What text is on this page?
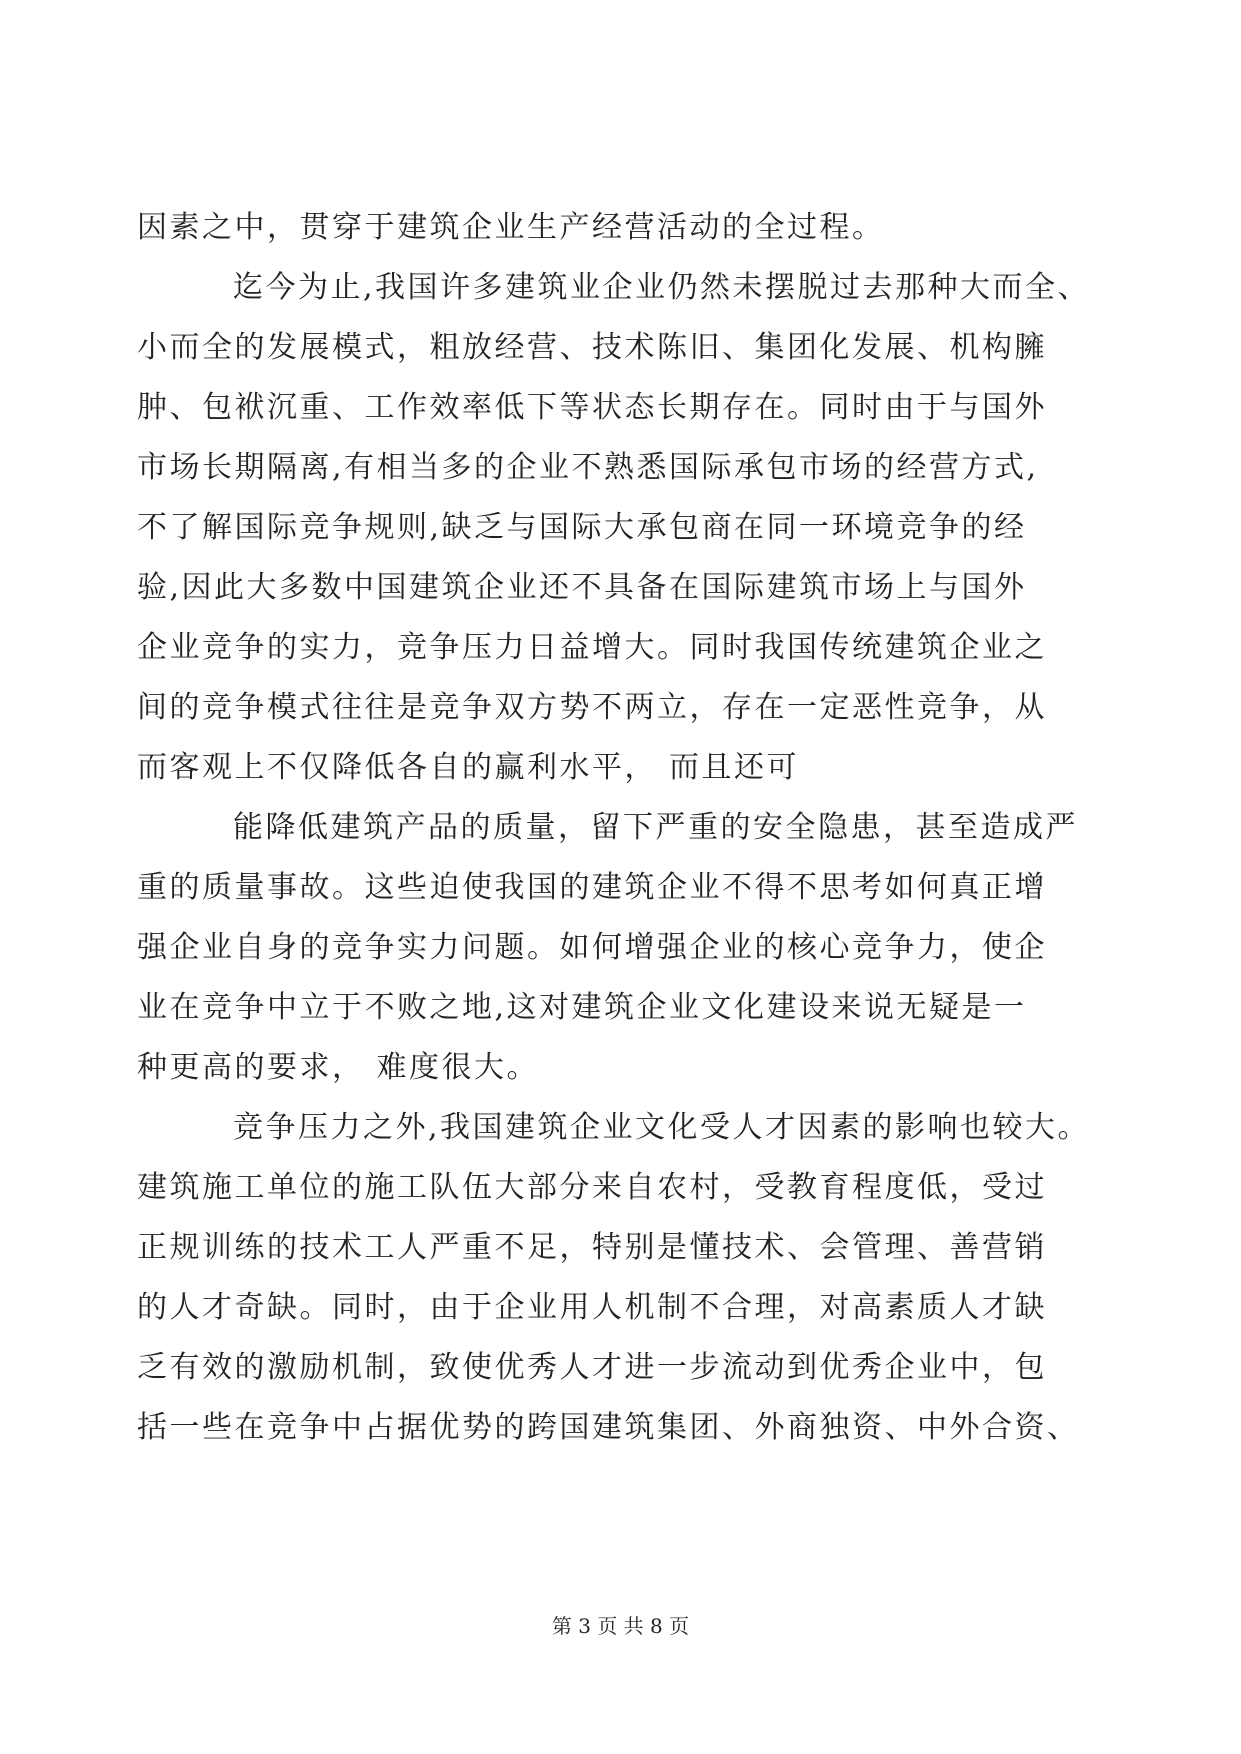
因素之中，贯穿于建筑企业生产经营活动的全过程。
迄今为止,我国许多建筑业企业仍然未摆脱过去那种大而全、
小而全的发展模式，粗放经营、技术陈旧、集团化发展、机构臃
肿、包袱沉重、工作效率低下等状态长期存在。同时由于与国外
市场长期隔离,有相当多的企业不熟悉国际承包市场的经营方式,
不了解国际竞争规则,缺乏与国际大承包商在同一环境竞争的经
验,因此大多数中国建筑企业还不具备在国际建筑市场上与国外
企业竞争的实力，竞争压力日益增大。同时我国传统建筑企业之
间的竞争模式往往是竞争双方势不两立，存在一定恶性竞争，从
而客观上不仅降低各自的赢利水平， 而且还可
能降低建筑产品的质量，留下严重的安全隐患，甚至造成严
重的质量事故。这些迫使我国的建筑企业不得不思考如何真正增
强企业自身的竞争实力问题。如何增强企业的核心竞争力，使企
业在竞争中立于不败之地,这对建筑企业文化建设来说无疑是一
种更高的要求， 难度很大。
竞争压力之外,我国建筑企业文化受人才因素的影响也较大。
建筑施工单位的施工队伍大部分来自农村，受教育程度低，受过
正规训练的技术工人严重不足，特别是懂技术、会管理、善营销
的人才奇缺。同时，由于企业用人机制不合理，对高素质人才缺
乏有效的激励机制，致使优秀人才进一步流动到优秀企业中，包
括一些在竞争中占据优势的跨国建筑集团、外商独资、中外合资、
第 3 页 共 8 页
